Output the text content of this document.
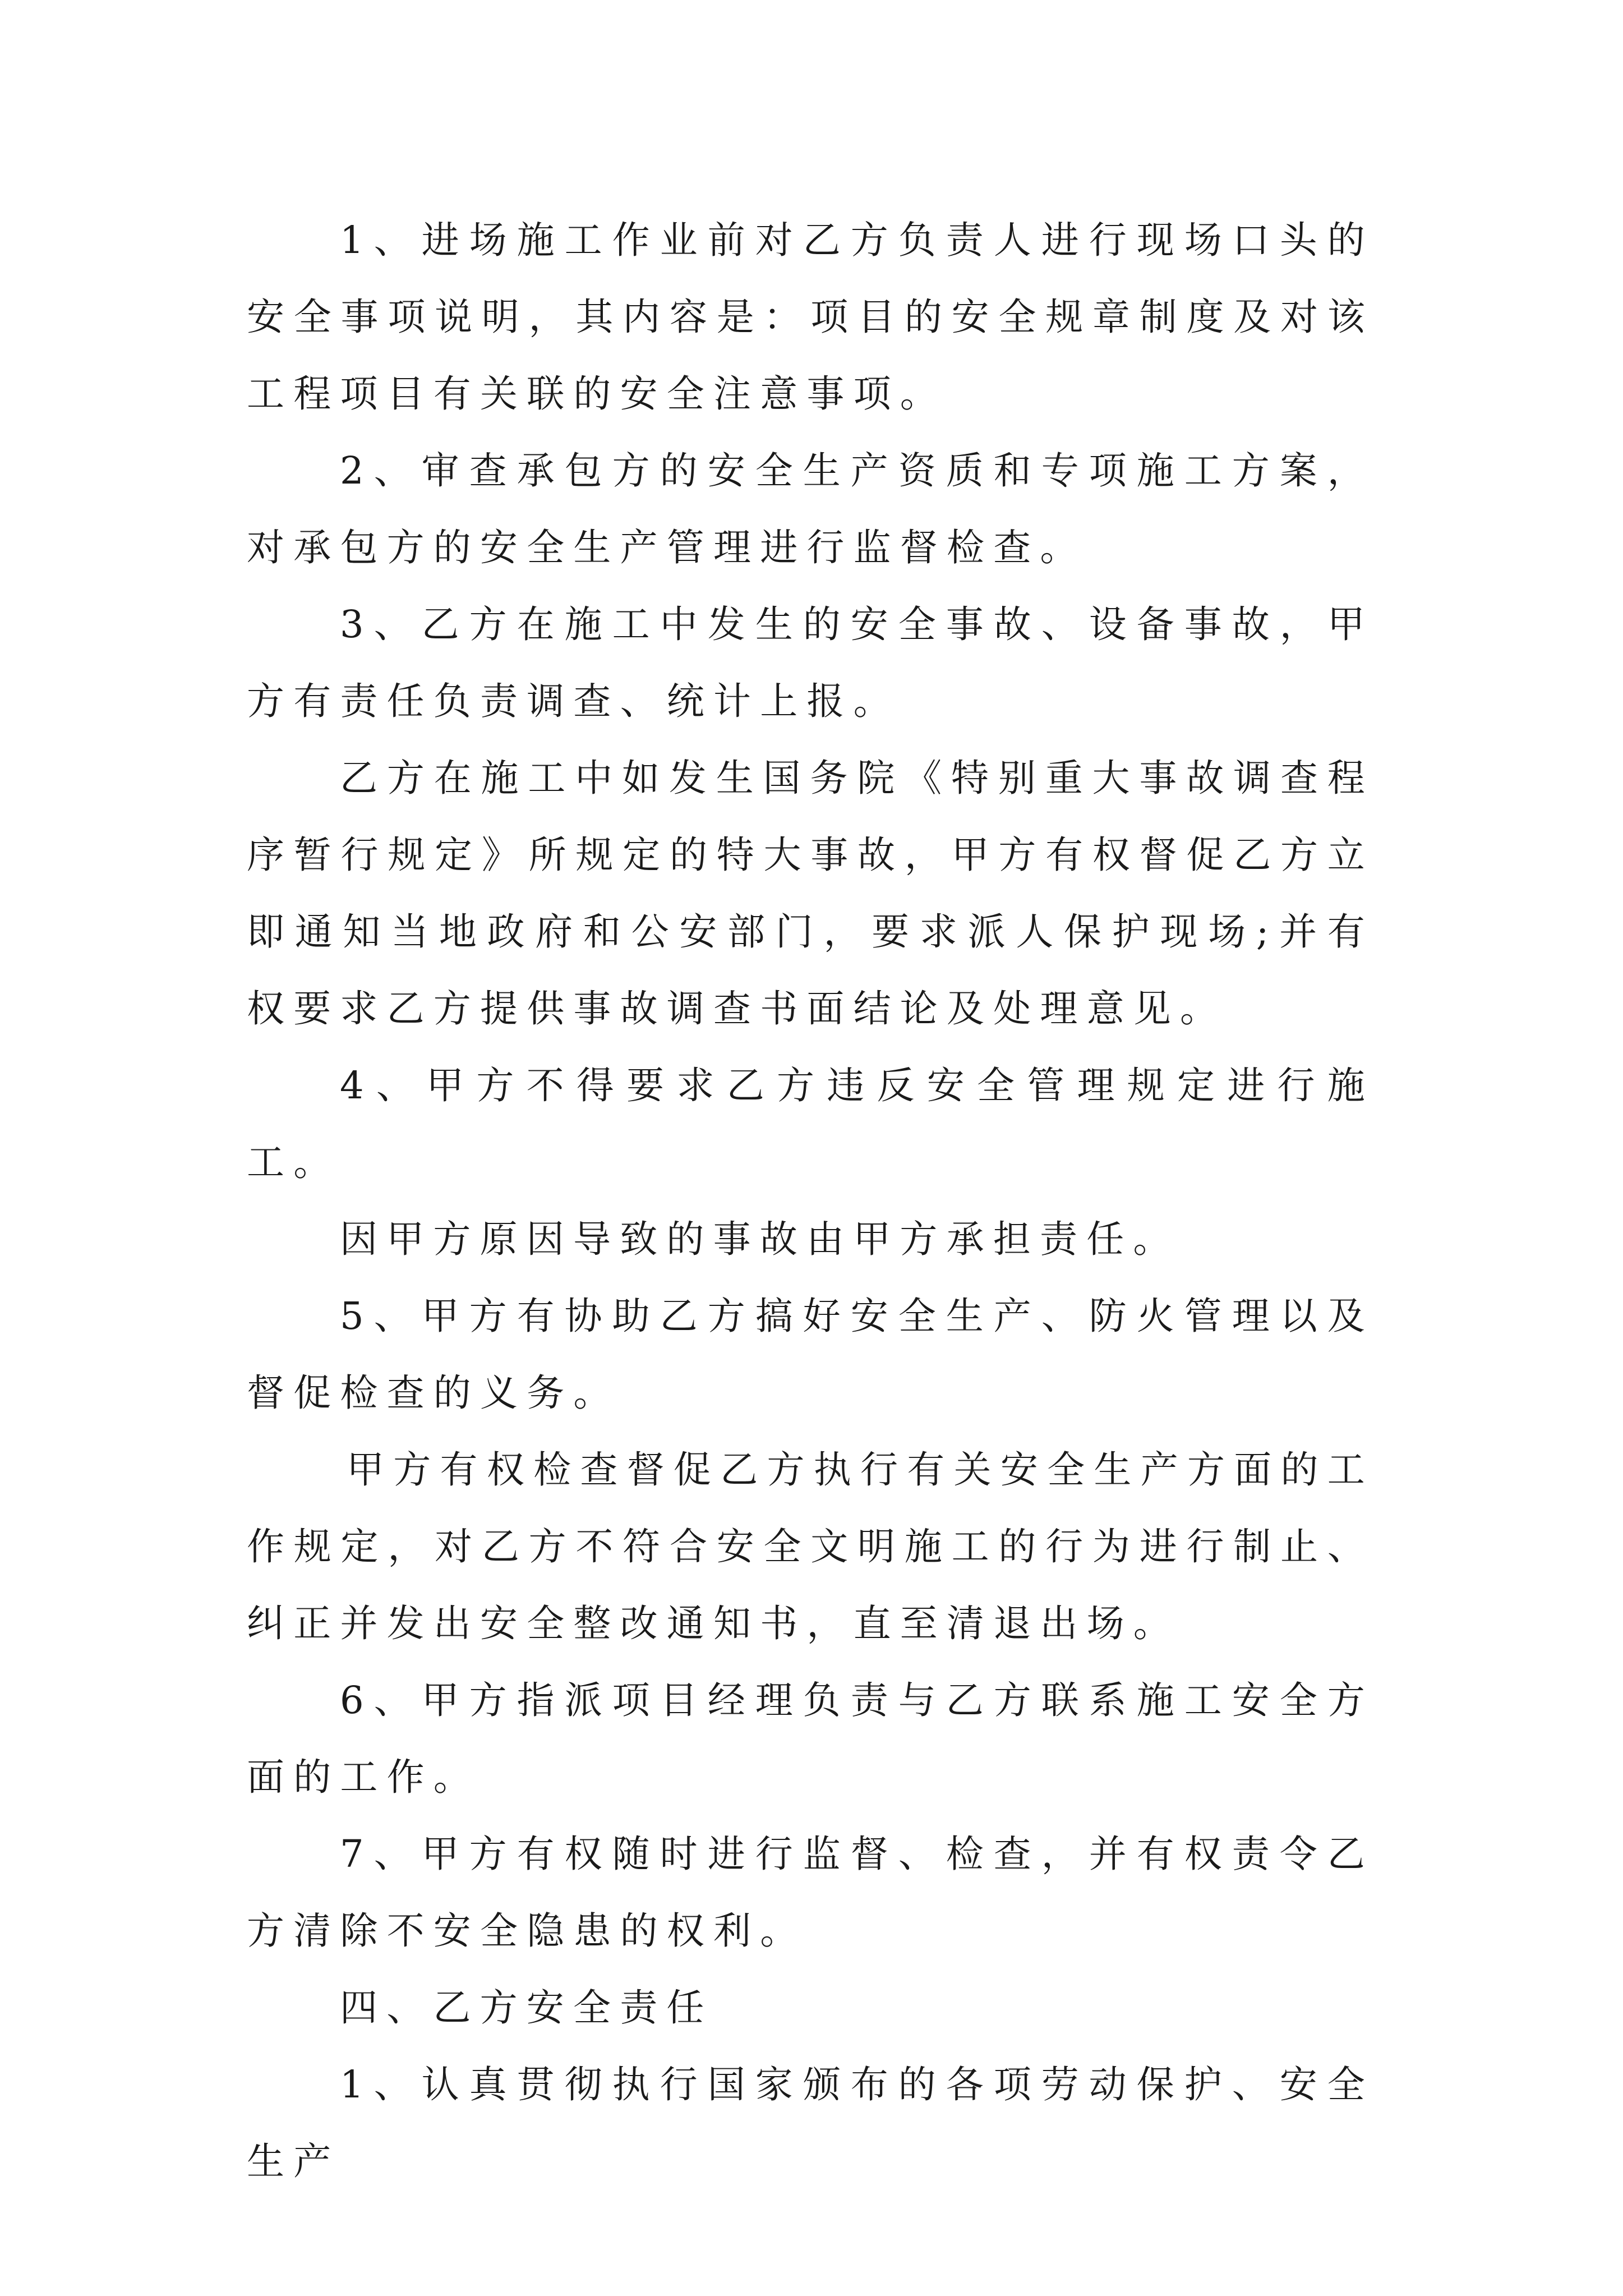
1、进场施工作业前对乙方负责人进行现场口头的安全事项说明，其内容是：项目的安全规章制度及对该工程项目有关联的安全注意事项。

2、审查承包方的安全生产资质和专项施工方案，对承包方的安全生产管理进行监督检查。

3、乙方在施工中发生的安全事故、设备事故，甲方有责任负责调查、统计上报。

乙方在施工中如发生国务院《特别重大事故调查程序暂行规定》所规定的特大事故，甲方有权督促乙方立即通知当地政府和公安部门，要求派人保护现场;并有权要求乙方提供事故调查书面结论及处理意见。

4、甲方不得要求乙方违反安全管理规定进行施工。

因甲方原因导致的事故由甲方承担责任。

5、甲方有协助乙方搞好安全生产、防火管理以及督促检查的义务。

甲方有权检查督促乙方执行有关安全生产方面的工作规定，对乙方不符合安全文明施工的行为进行制止、纠正并发出安全整改通知书，直至清退出场。

6、甲方指派项目经理负责与乙方联系施工安全方面的工作。

7、甲方有权随时进行监督、检查，并有权责令乙方清除不安全隐患的权利。

四、乙方安全责任

1、认真贯彻执行国家颁布的各项劳动保护、安全生产
